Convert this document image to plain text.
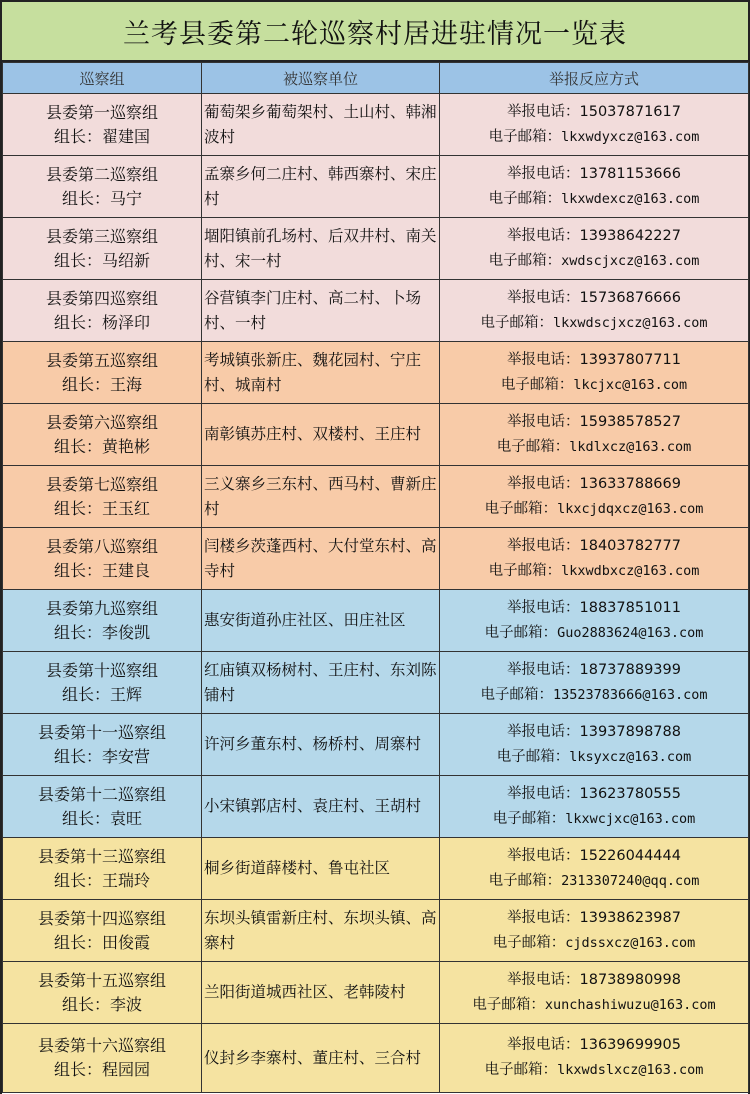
兰考县委第二轮巡察村居进驻情况一览表
巡察组	被巡察单位	举报反应方式

县委第一巡察组
组长：翟建国	葡萄架乡葡萄架村、土山村、韩湘波村	举报电话：15037871617
电子邮箱：lkxwdyxcz@163.com

县委第二巡察组
组长：马宁	孟寨乡何二庄村、韩西寨村、宋庄村	举报电话：13781153666
电子邮箱：lkxwdexcz@163.com

县委第三巡察组
组长：马绍新	堌阳镇前孔场村、后双井村、南关村、宋一村	举报电话：13938642227
电子邮箱：xwdscjxcz@163.com

县委第四巡察组
组长：杨泽印	谷营镇李门庄村、高二村、卜场村、一村	举报电话：15736876666
电子邮箱：lkxwdscjxcz@163.com

县委第五巡察组
组长：王海	考城镇张新庄、魏花园村、宁庄村、城南村	举报电话：13937807711
电子邮箱：lkcjxc@163.com

县委第六巡察组
组长：黄艳彬	南彰镇苏庄村、双楼村、王庄村	举报电话：15938578527
电子邮箱：lkdlxcz@163.com

县委第七巡察组
组长：王玉红	三义寨乡三东村、西马村、曹新庄村	举报电话：13633788669
电子邮箱：lkxcjdqxcz@163.com

县委第八巡察组
组长：王建良	闫楼乡茨蓬西村、大付堂东村、高寺村	举报电话：18403782777
电子邮箱：lkxwdbxcz@163.com

县委第九巡察组
组长：李俊凯	惠安街道孙庄社区、田庄社区	举报电话：18837851011
电子邮箱：Guo2883624@163.com

县委第十巡察组
组长：王辉	红庙镇双杨树村、王庄村、东刘陈铺村	举报电话：18737889399
电子邮箱：13523783666@163.com

县委第十一巡察组
组长：李安营	许河乡董东村、杨桥村、周寨村	举报电话：13937898788
电子邮箱：lksyxcz@163.com

县委第十二巡察组
组长：袁旺	小宋镇郭店村、袁庄村、王胡村	举报电话：13623780555
电子邮箱：lkxwcjxc@163.com

县委第十三巡察组
组长：王瑞玲	桐乡街道薛楼村、鲁屯社区	举报电话：15226044444
电子邮箱：2313307240@qq.com

县委第十四巡察组
组长：田俊霞	东坝头镇雷新庄村、东坝头镇、高寨村	举报电话：13938623987
电子邮箱：cjdssxcz@163.com

县委第十五巡察组
组长：李波	兰阳街道城西社区、老韩陵村	举报电话：18738980998
电子邮箱：xunchashiwuzu@163.com

县委第十六巡察组
组长：程园园	仪封乡李寨村、董庄村、三合村	举报电话：13639699905
电子邮箱：lkxwdslxcz@163.com
